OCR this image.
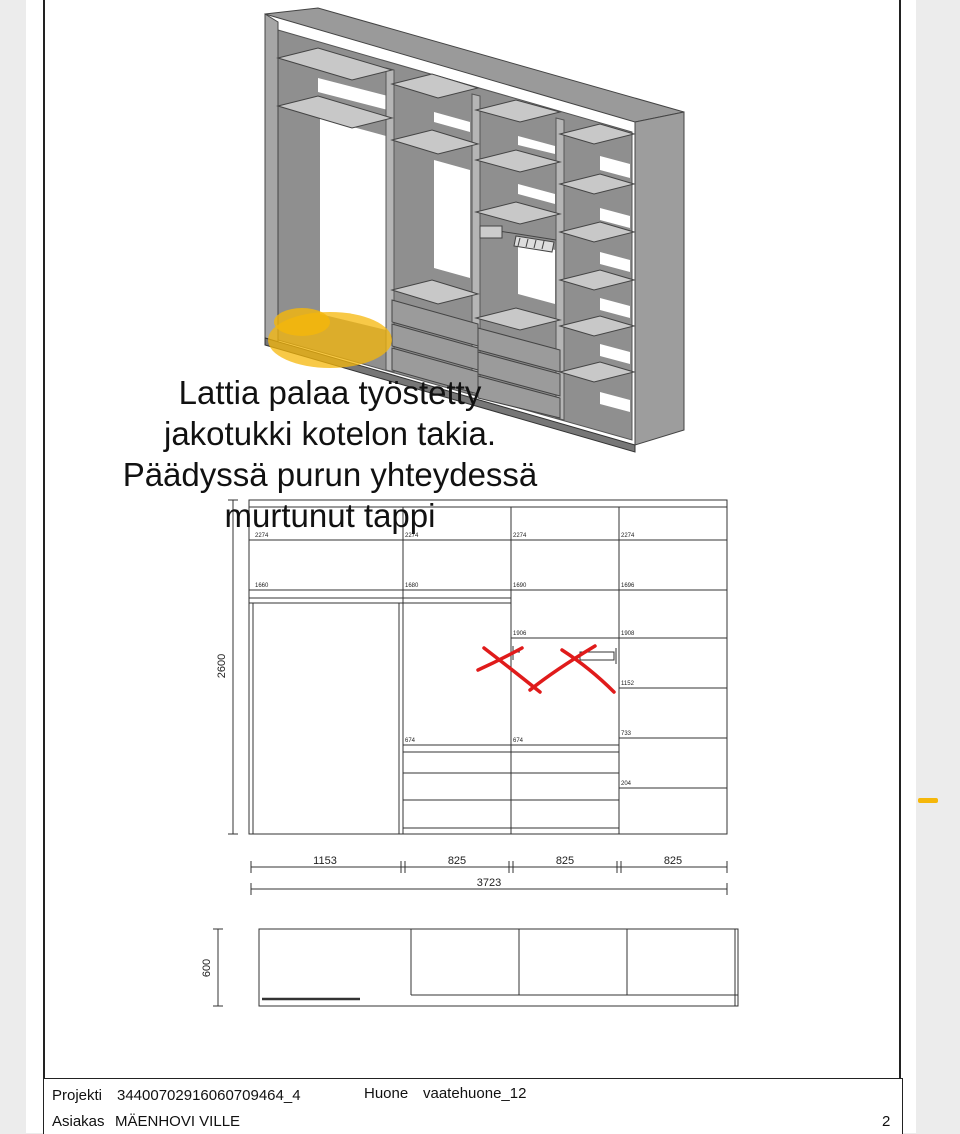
Lattia palaa työstetty
jakotukki kotelon takia.
Päädyssä purun yhteydessä
murtunut tappi
2274	2274	2274	2274
1660	1680	1690	1696
1906	1908
1152
674	674
733
204
2600
1153	825	825	825
3723
600
Projekti 34400702916060709464_4	Huone vaatehuone_12
Asiakas MÄENHOVI VILLE	2
